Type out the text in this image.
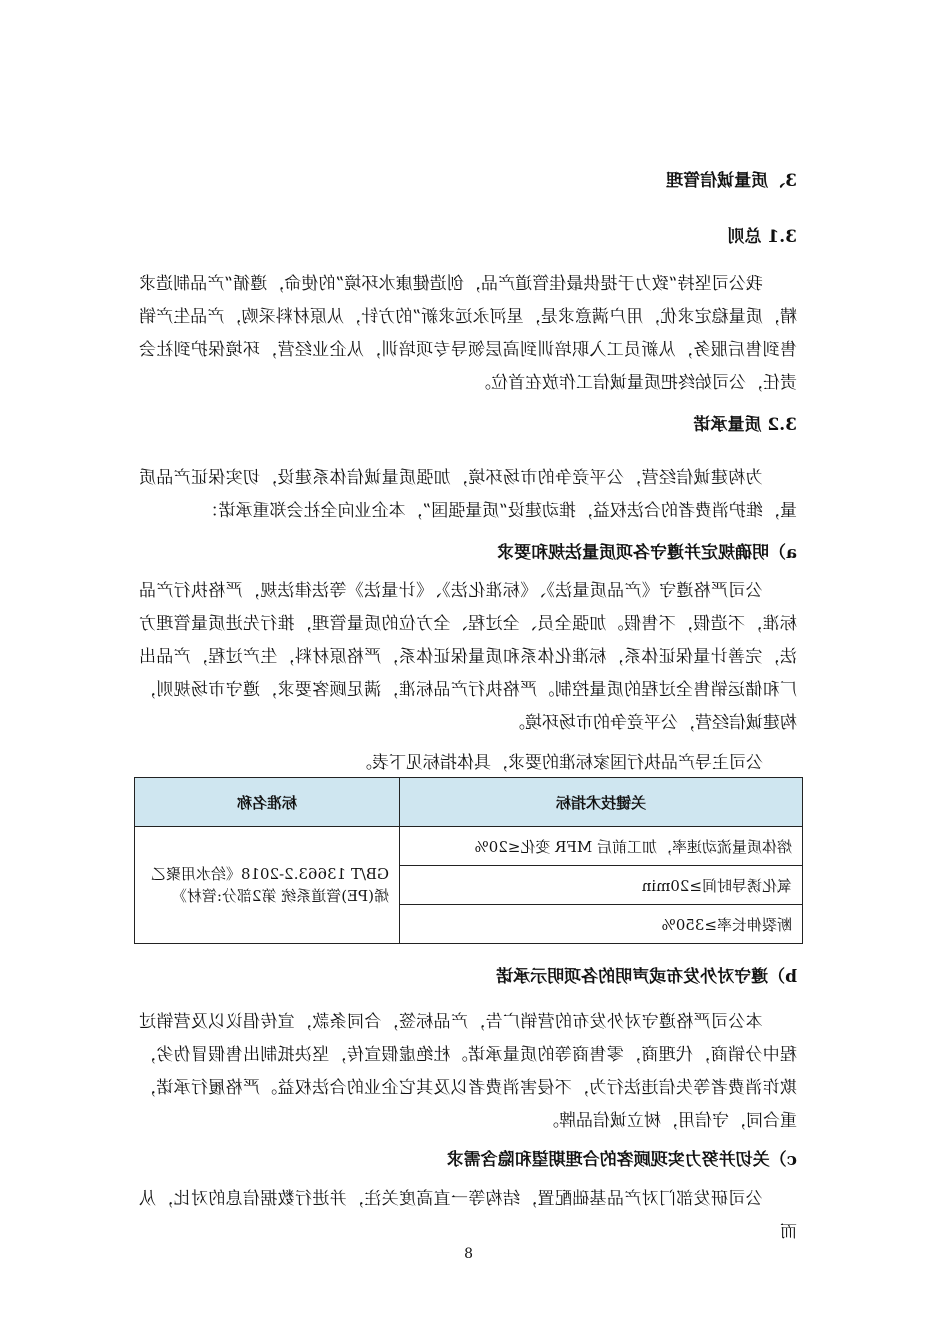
3、质量诚信管理
3.1 总则

  我公司坚持“致力于提供最佳管道产品，创造健康水环境”的使命，遵循“产品制造求精，质量稳定求优，用户满意求是，星河永远求新”的方针，从原材料采购，产品生产销售到售后服务，从新员工入职培训到高层领导专项培训，从企业经营，环境保护到社会责任，公司始终把质量诚信工作放在首位。

3.2 质量承诺

  为构建诚信经营，公平竞争的市场环境，加强质量诚信体系建设，切实保证产品质量，维护消费者的合法权益，推动建设“质量强国”，本企业向全社会郑重承诺：

a）明确规定并遵守各项质量法规和要求

  公司严格遵守《产品质量法》、《标准化法》、《计量法》等法律法规，严格执行产品标准，不造假，不售假。加强全员、全过程、全方位的质量管理，推行先进质量管理方法，完善计量保证体系，标准化体系和质量保证体系，严格原材料，生产过程，产品出厂和储运销售全过程的质量控制。严格执行产品标准，满足顾客要求，遵守市场规则，构建诚信经营，公平竞争的市场环境。

  公司主导产品执行国家标准的要求，具体指标见下表。

关键技术指标	标准名称
熔体质量流动速率，加工前后 MFR 变化≤20%	GB/T 13663.2-2018《给水用聚乙烯(PE)管道系统 第2部分:管材》
氧化诱导时间≥20min	
断裂伸长率≥350%	
b）遵守对外发布或声明的各项明示承诺

  本公司严格遵守对外发布的营销广告，产品标签，合同条款，宣传倡议以及营销过程中分销商，代理商，零售商等的质量承诺。杜绝虚假宣传，坚决抵制出售假冒伪劣，欺诈消费者等失信违法行为，不侵害消费者以及其它企业的合法权益。严格履行承诺，重合同，守信用，树立诚信品牌。

c）关切并努力实现顾客的合理期望和隐含需求

  公司研发部门对产品基础配置，结构等一直高度关注，并进行数据信息的对比，从而

8
